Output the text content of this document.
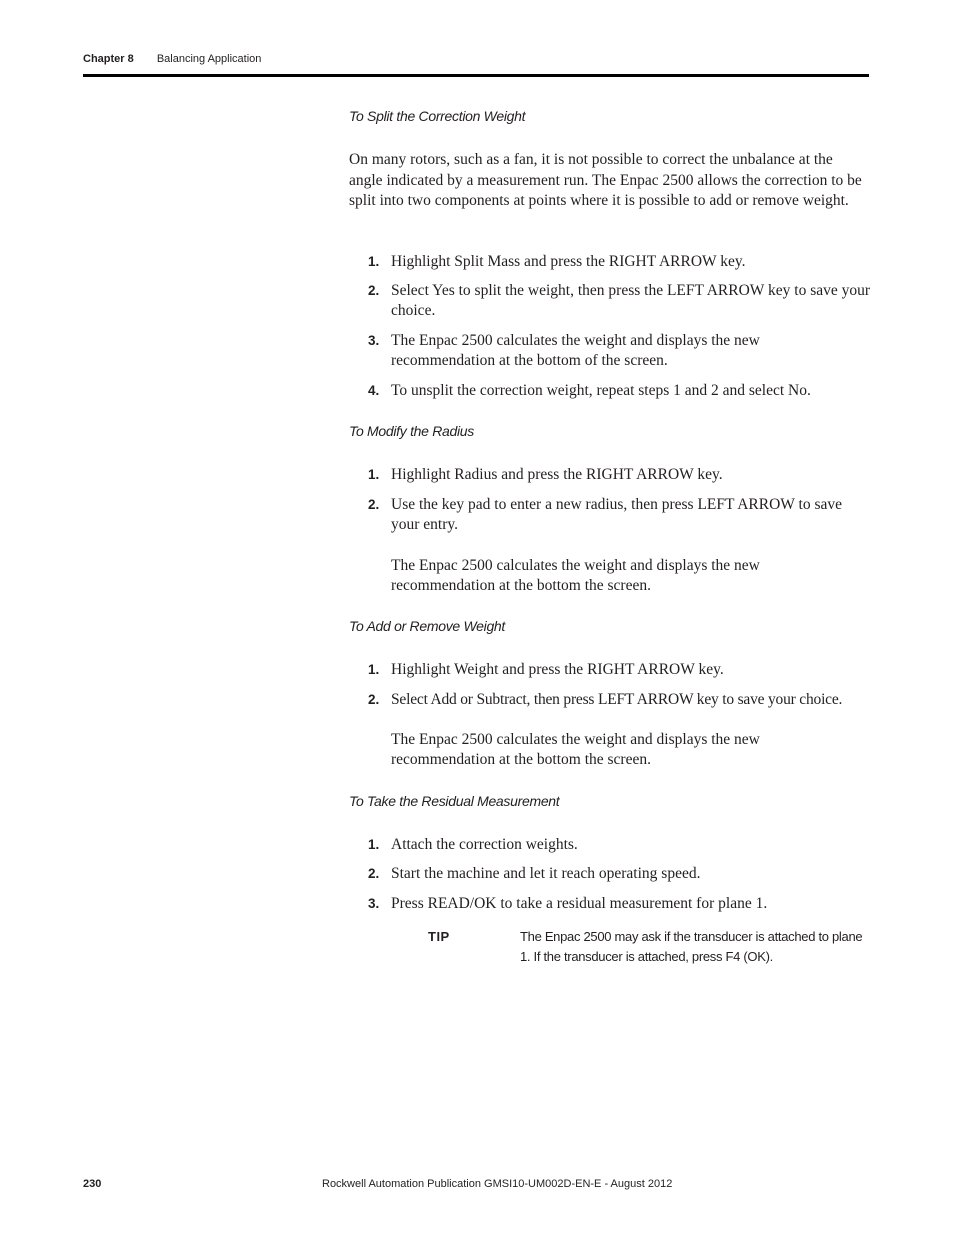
Chapter 8 Balancing Application
To Split the Correction Weight
On many rotors, such as a fan, it is not possible to correct the unbalance at the angle indicated by a measurement run. The Enpac 2500 allows the correction to be split into two components at points where it is possible to add or remove weight.
1. Highlight Split Mass and press the RIGHT ARROW key.
2. Select Yes to split the weight, then press the LEFT ARROW key to save your choice.
3. The Enpac 2500 calculates the weight and displays the new recommendation at the bottom of the screen.
4. To unsplit the correction weight, repeat steps 1 and 2 and select No.
To Modify the Radius
1. Highlight Radius and press the RIGHT ARROW key.
2. Use the key pad to enter a new radius, then press LEFT ARROW to save your entry.
The Enpac 2500 calculates the weight and displays the new recommendation at the bottom the screen.
To Add or Remove Weight
1. Highlight Weight and press the RIGHT ARROW key.
2. Select Add or Subtract, then press LEFT ARROW key to save your choice.
The Enpac 2500 calculates the weight and displays the new recommendation at the bottom the screen.
To Take the Residual Measurement
1. Attach the correction weights.
2. Start the machine and let it reach operating speed.
3. Press READ/OK to take a residual measurement for plane 1.
TIP	The Enpac 2500 may ask if the transducer is attached to plane 1. If the transducer is attached, press F4 (OK).
230	Rockwell Automation Publication GMSI10-UM002D-EN-E - August 2012
